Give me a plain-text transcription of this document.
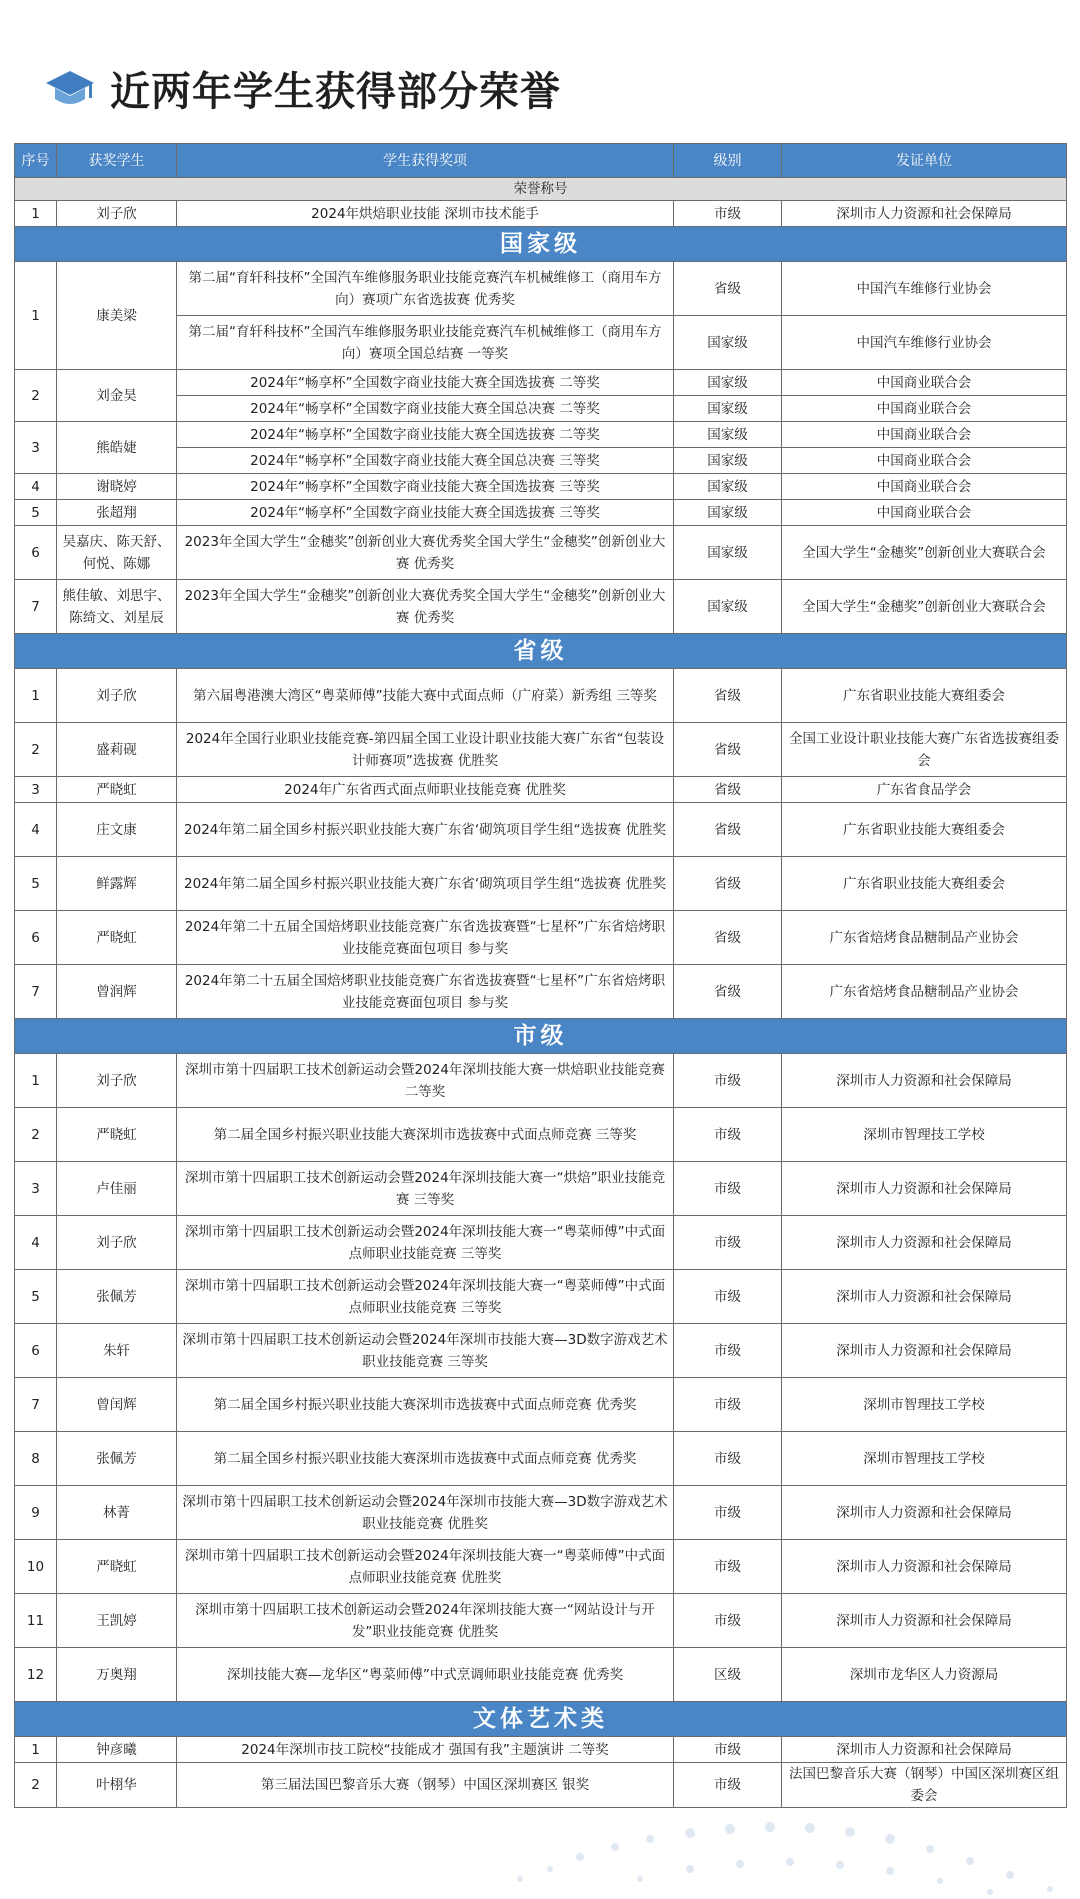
近两年学生获得部分荣誉
序号	获奖学生	学生获得奖项	级别	发证单位
荣誉称号				
1	刘子欣	2024年烘焙职业技能 深圳市技术能手	市级	深圳市人力资源和社会保障局
国家级				
1	康美梁	第二届“育轩科技杯”全国汽车维修服务职业技能竞赛汽车机械维修工（商用车方向）赛项广东省选拔赛 优秀奖	省级	中国汽车维修行业协会
		第二届“育轩科技杯”全国汽车维修服务职业技能竞赛汽车机械维修工（商用车方向）赛项全国总结赛 一等奖	国家级	中国汽车维修行业协会
2	刘金昊	2024年“畅享杯”全国数字商业技能大赛全国选拔赛 二等奖	国家级	中国商业联合会
		2024年“畅享杯”全国数字商业技能大赛全国总决赛 二等奖	国家级	中国商业联合会
3	熊皓婕	2024年“畅享杯”全国数字商业技能大赛全国选拔赛 二等奖	国家级	中国商业联合会
		2024年“畅享杯”全国数字商业技能大赛全国总决赛 三等奖	国家级	中国商业联合会
4	谢晓婷	2024年“畅享杯”全国数字商业技能大赛全国选拔赛 三等奖	国家级	中国商业联合会
5	张超翔	2024年“畅享杯”全国数字商业技能大赛全国选拔赛 三等奖	国家级	中国商业联合会
6	吴嘉庆、陈天舒、何悦、陈娜	2023年全国大学生“金穗奖”创新创业大赛优秀奖全国大学生“金穗奖”创新创业大赛 优秀奖	国家级	全国大学生“金穗奖”创新创业大赛联合会
7	熊佳敏、刘思宇、陈绮文、刘星辰	2023年全国大学生“金穗奖”创新创业大赛优秀奖全国大学生“金穗奖”创新创业大赛 优秀奖	国家级	全国大学生“金穗奖”创新创业大赛联合会
省级				
1	刘子欣	第六届粤港澳大湾区“粤菜师傅”技能大赛中式面点师（广府菜）新秀组 三等奖	省级	广东省职业技能大赛组委会
2	盛莉砚	2024年全国行业职业技能竞赛-第四届全国工业设计职业技能大赛广东省“包装设计师赛项”选拔赛 优胜奖	省级	全国工业设计职业技能大赛广东省选拔赛组委会
3	严晓虹	2024年广东省西式面点师职业技能竞赛 优胜奖	省级	广东省食品学会
4	庄文康	2024年第二届全国乡村振兴职业技能大赛广东省‘砌筑项目学生组“选拔赛 优胜奖	省级	广东省职业技能大赛组委会
5	鲜露辉	2024年第二届全国乡村振兴职业技能大赛广东省‘砌筑项目学生组“选拔赛 优胜奖	省级	广东省职业技能大赛组委会
6	严晓虹	2024年第二十五届全国焙烤职业技能竞赛广东省选拔赛暨“七星杯”广东省焙烤职业技能竞赛面包项目 参与奖	省级	广东省焙烤食品糖制品产业协会
7	曾润辉	2024年第二十五届全国焙烤职业技能竞赛广东省选拔赛暨“七星杯”广东省焙烤职业技能竞赛面包项目 参与奖	省级	广东省焙烤食品糖制品产业协会
市级				
1	刘子欣	深圳市第十四届职工技术创新运动会暨2024年深圳技能大赛一烘焙职业技能竞赛 二等奖	市级	深圳市人力资源和社会保障局
2	严晓虹	第二届全国乡村振兴职业技能大赛深圳市选拔赛中式面点师竞赛 三等奖	市级	深圳市智理技工学校
3	卢佳丽	深圳市第十四届职工技术创新运动会暨2024年深圳技能大赛一“烘焙”职业技能竞赛 三等奖	市级	深圳市人力资源和社会保障局
4	刘子欣	深圳市第十四届职工技术创新运动会暨2024年深圳技能大赛一“粤菜师傅”中式面点师职业技能竞赛 三等奖	市级	深圳市人力资源和社会保障局
5	张佩芳	深圳市第十四届职工技术创新运动会暨2024年深圳技能大赛一“粤菜师傅”中式面点师职业技能竞赛 三等奖	市级	深圳市人力资源和社会保障局
6	朱轩	深圳市第十四届职工技术创新运动会暨2024年深圳市技能大赛—3D数字游戏艺术职业技能竞赛 三等奖	市级	深圳市人力资源和社会保障局
7	曾闰辉	第二届全国乡村振兴职业技能大赛深圳市选拔赛中式面点师竞赛 优秀奖	市级	深圳市智理技工学校
8	张佩芳	第二届全国乡村振兴职业技能大赛深圳市选拔赛中式面点师竞赛 优秀奖	市级	深圳市智理技工学校
9	林菁	深圳市第十四届职工技术创新运动会暨2024年深圳市技能大赛—3D数字游戏艺术职业技能竞赛 优胜奖	市级	深圳市人力资源和社会保障局
10	严晓虹	深圳市第十四届职工技术创新运动会暨2024年深圳技能大赛一“粤菜师傅”中式面点师职业技能竞赛 优胜奖	市级	深圳市人力资源和社会保障局
11	王凯婷	深圳市第十四届职工技术创新运动会暨2024年深圳技能大赛一“网站设计与开发”职业技能竞赛 优胜奖	市级	深圳市人力资源和社会保障局
12	万奥翔	深圳技能大赛—龙华区“粤菜师傅”中式烹调师职业技能竞赛 优秀奖	区级	深圳市龙华区人力资源局
文体艺术类				
1	钟彦曦	2024年深圳市技工院校“技能成才 强国有我”主题演讲 二等奖	市级	深圳市人力资源和社会保障局
2	叶栩华	第三届法国巴黎音乐大赛（钢琴）中国区深圳赛区 银奖	市级	法国巴黎音乐大赛（钢琴）中国区深圳赛区组委会
